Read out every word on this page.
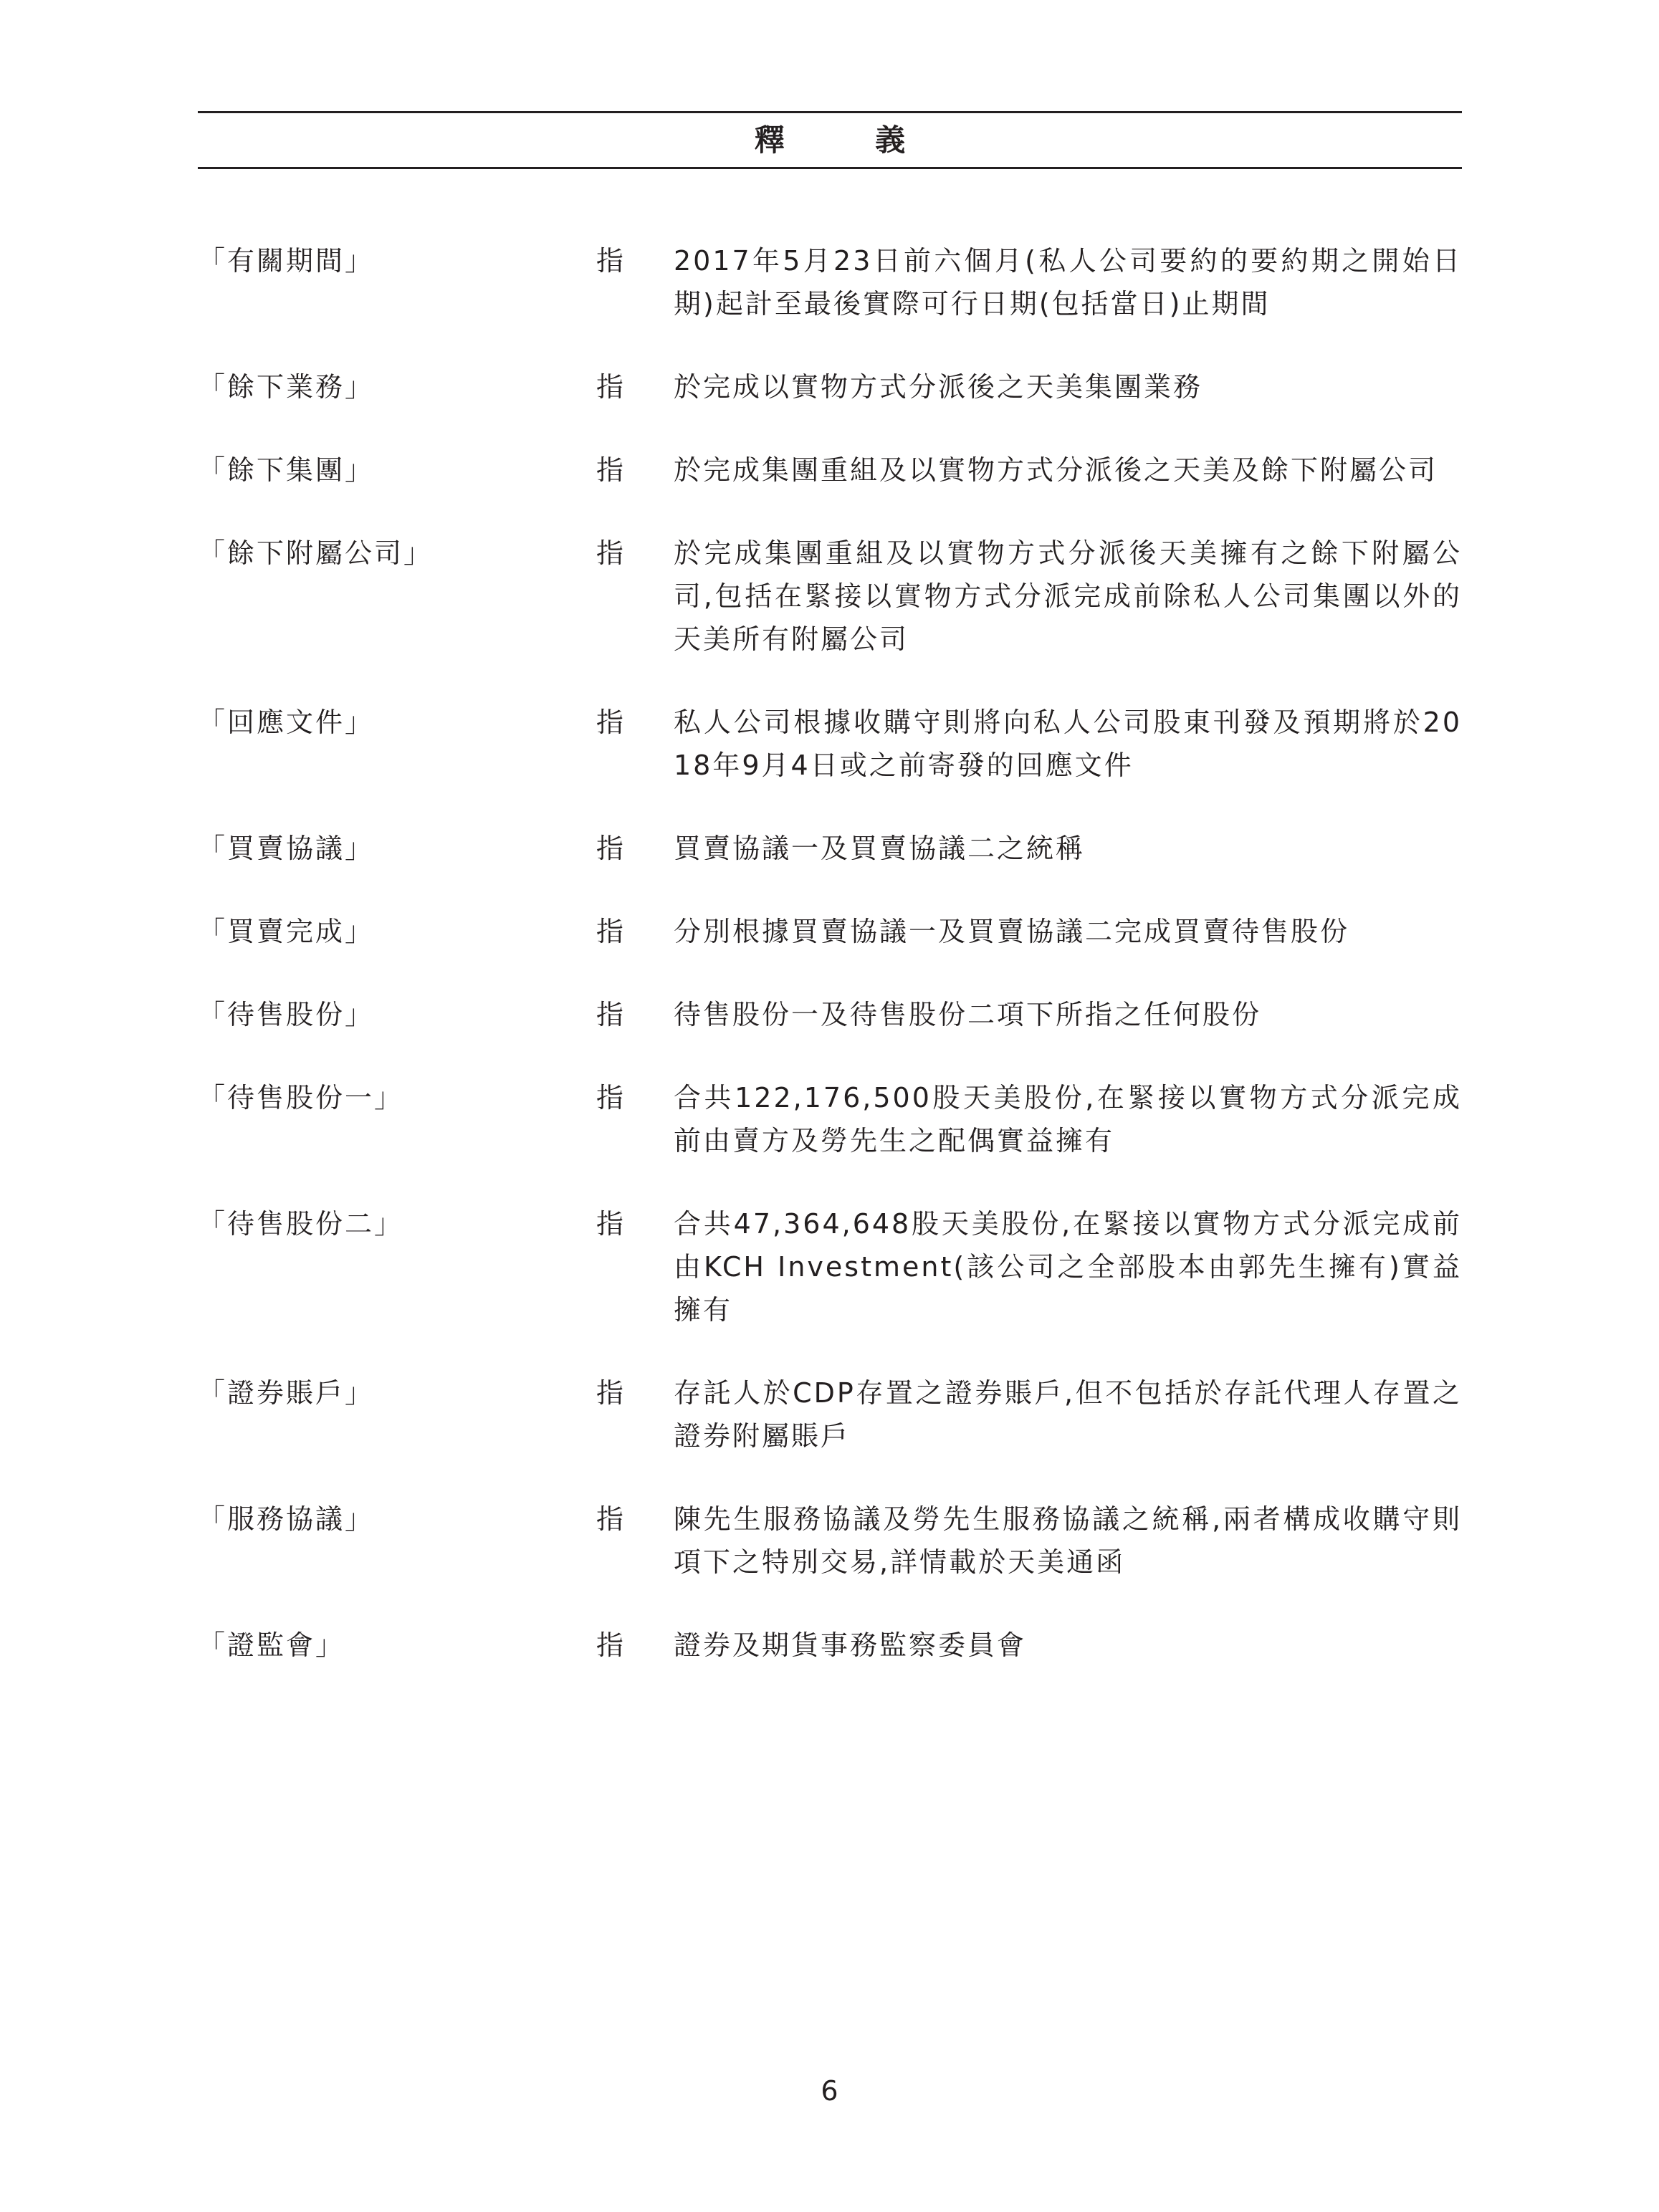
釋 義
「有關期間」	指	2017年5月23日前六個月(私人公司要約的要約期之開始日期)起計至最後實際可行日期(包括當日)止期間
「餘下業務」	指	於完成以實物方式分派後之天美集團業務
「餘下集團」	指	於完成集團重組及以實物方式分派後之天美及餘下附屬公司
「餘下附屬公司」	指	於完成集團重組及以實物方式分派後天美擁有之餘下附屬公司,包括在緊接以實物方式分派完成前除私人公司集團以外的天美所有附屬公司
「回應文件」	指	私人公司根據收購守則將向私人公司股東刊發及預期將於2018年9月4日或之前寄發的回應文件
「買賣協議」	指	買賣協議一及買賣協議二之統稱
「買賣完成」	指	分別根據買賣協議一及買賣協議二完成買賣待售股份
「待售股份」	指	待售股份一及待售股份二項下所指之任何股份
「待售股份一」	指	合共122,176,500股天美股份,在緊接以實物方式分派完成前由賣方及勞先生之配偶實益擁有
「待售股份二」	指	合共47,364,648股天美股份,在緊接以實物方式分派完成前由KCH Investment(該公司之全部股本由郭先生擁有)實益擁有
「證券賬戶」	指	存託人於CDP存置之證券賬戶,但不包括於存託代理人存置之證券附屬賬戶
「服務協議」	指	陳先生服務協議及勞先生服務協議之統稱,兩者構成收購守則項下之特別交易,詳情載於天美通函
「證監會」	指	證券及期貨事務監察委員會
6
